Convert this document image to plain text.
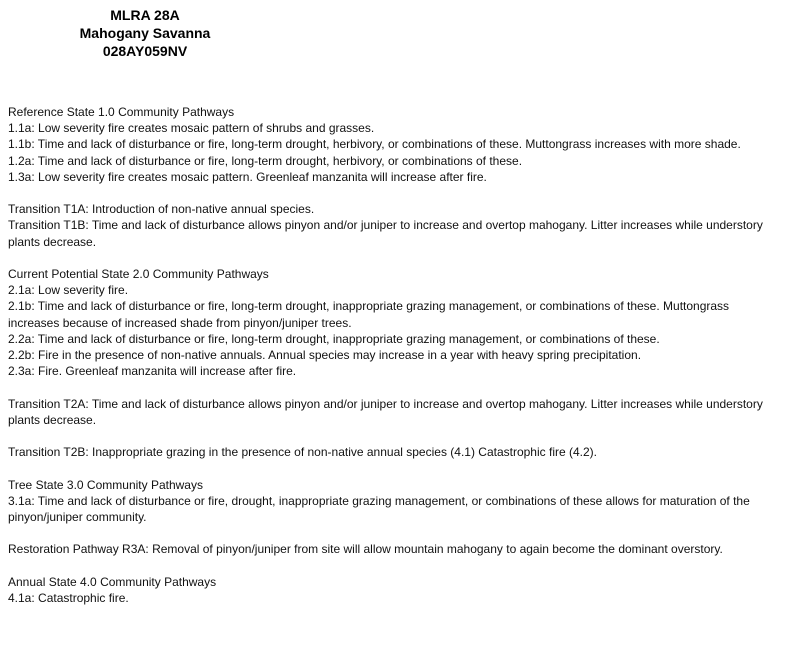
MLRA 28A
Mahogany Savanna
028AY059NV
Reference State 1.0 Community Pathways
1.1a: Low severity fire creates mosaic pattern of shrubs and grasses.
1.1b: Time and lack of disturbance or fire, long-term drought, herbivory, or combinations of these. Muttongrass increases with more shade.
1.2a: Time and lack of disturbance or fire, long-term drought, herbivory, or combinations of these.
1.3a: Low severity fire creates mosaic pattern. Greenleaf manzanita will increase after fire.
Transition T1A: Introduction of non-native annual species.
Transition T1B: Time and lack of disturbance allows pinyon and/or juniper to increase and overtop mahogany. Litter increases while understory plants decrease.
Current Potential State 2.0 Community Pathways
2.1a: Low severity fire.
2.1b: Time and lack of disturbance or fire, long-term drought, inappropriate grazing management, or combinations of these. Muttongrass increases because of increased shade from pinyon/juniper trees.
2.2a: Time and lack of disturbance or fire, long-term drought, inappropriate grazing management, or combinations of these.
2.2b: Fire in the presence of non-native annuals. Annual species may increase in a year with heavy spring precipitation.
2.3a: Fire. Greenleaf manzanita will increase after fire.
Transition T2A: Time and lack of disturbance allows pinyon and/or juniper to increase and overtop mahogany. Litter increases while understory plants decrease.
Transition T2B: Inappropriate grazing in the presence of non-native annual species (4.1) Catastrophic fire (4.2).
Tree State 3.0 Community Pathways
3.1a: Time and lack of disturbance or fire, drought, inappropriate grazing management, or combinations of these allows for maturation of the pinyon/juniper community.
Restoration Pathway R3A: Removal of pinyon/juniper from site will allow mountain mahogany to again become the dominant overstory.
Annual State 4.0 Community Pathways
4.1a: Catastrophic fire.
